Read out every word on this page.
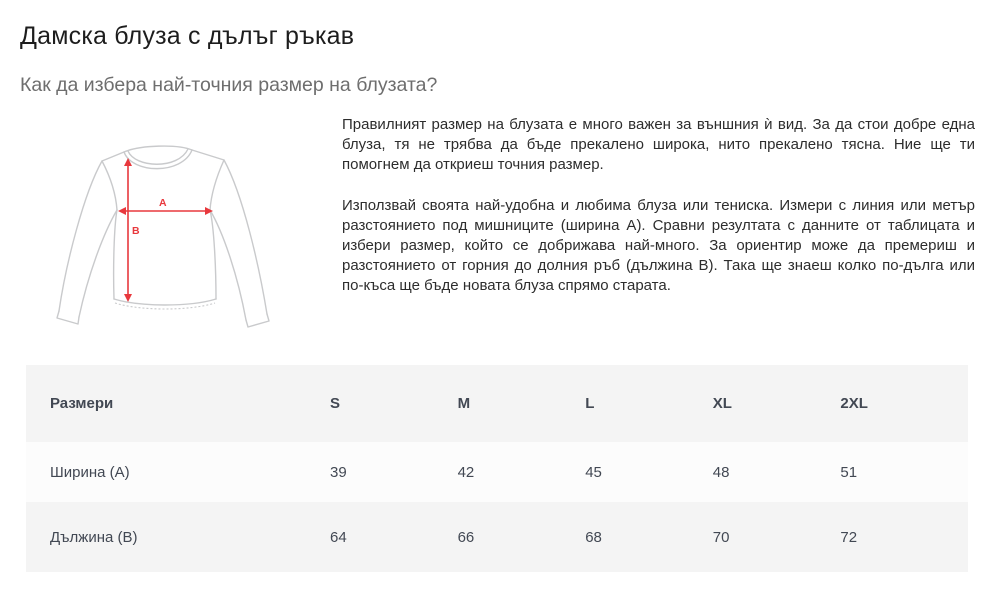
Дамска блуза с дълъг ръкав
Как да избера най-точния размер на блузата?
A
B

Правилният размер на блузата е много важен за външния ѝ вид. За да стои добре една блуза, тя не трябва да бъде прекалено широка, нито прекалено тясна. Ние ще ти помогнем да откриеш точния размер.

Използвай своята най-удобна и любима блуза или тениска. Измери с линия или метър разстоянието под мишниците (ширина A). Сравни резултата с данните от таблицата и избери размер, който се добрижава най-много. За ориентир може да премериш и разстоянието от горния до долния ръб (дължина B). Така ще знаеш колко по-дълга или по-къса ще бъде новата блуза спрямо старата.

Размери	S	M	L	XL	2XL
Ширина (A)	39	42	45	48	51
Дължина (B)	64	66	68	70	72
